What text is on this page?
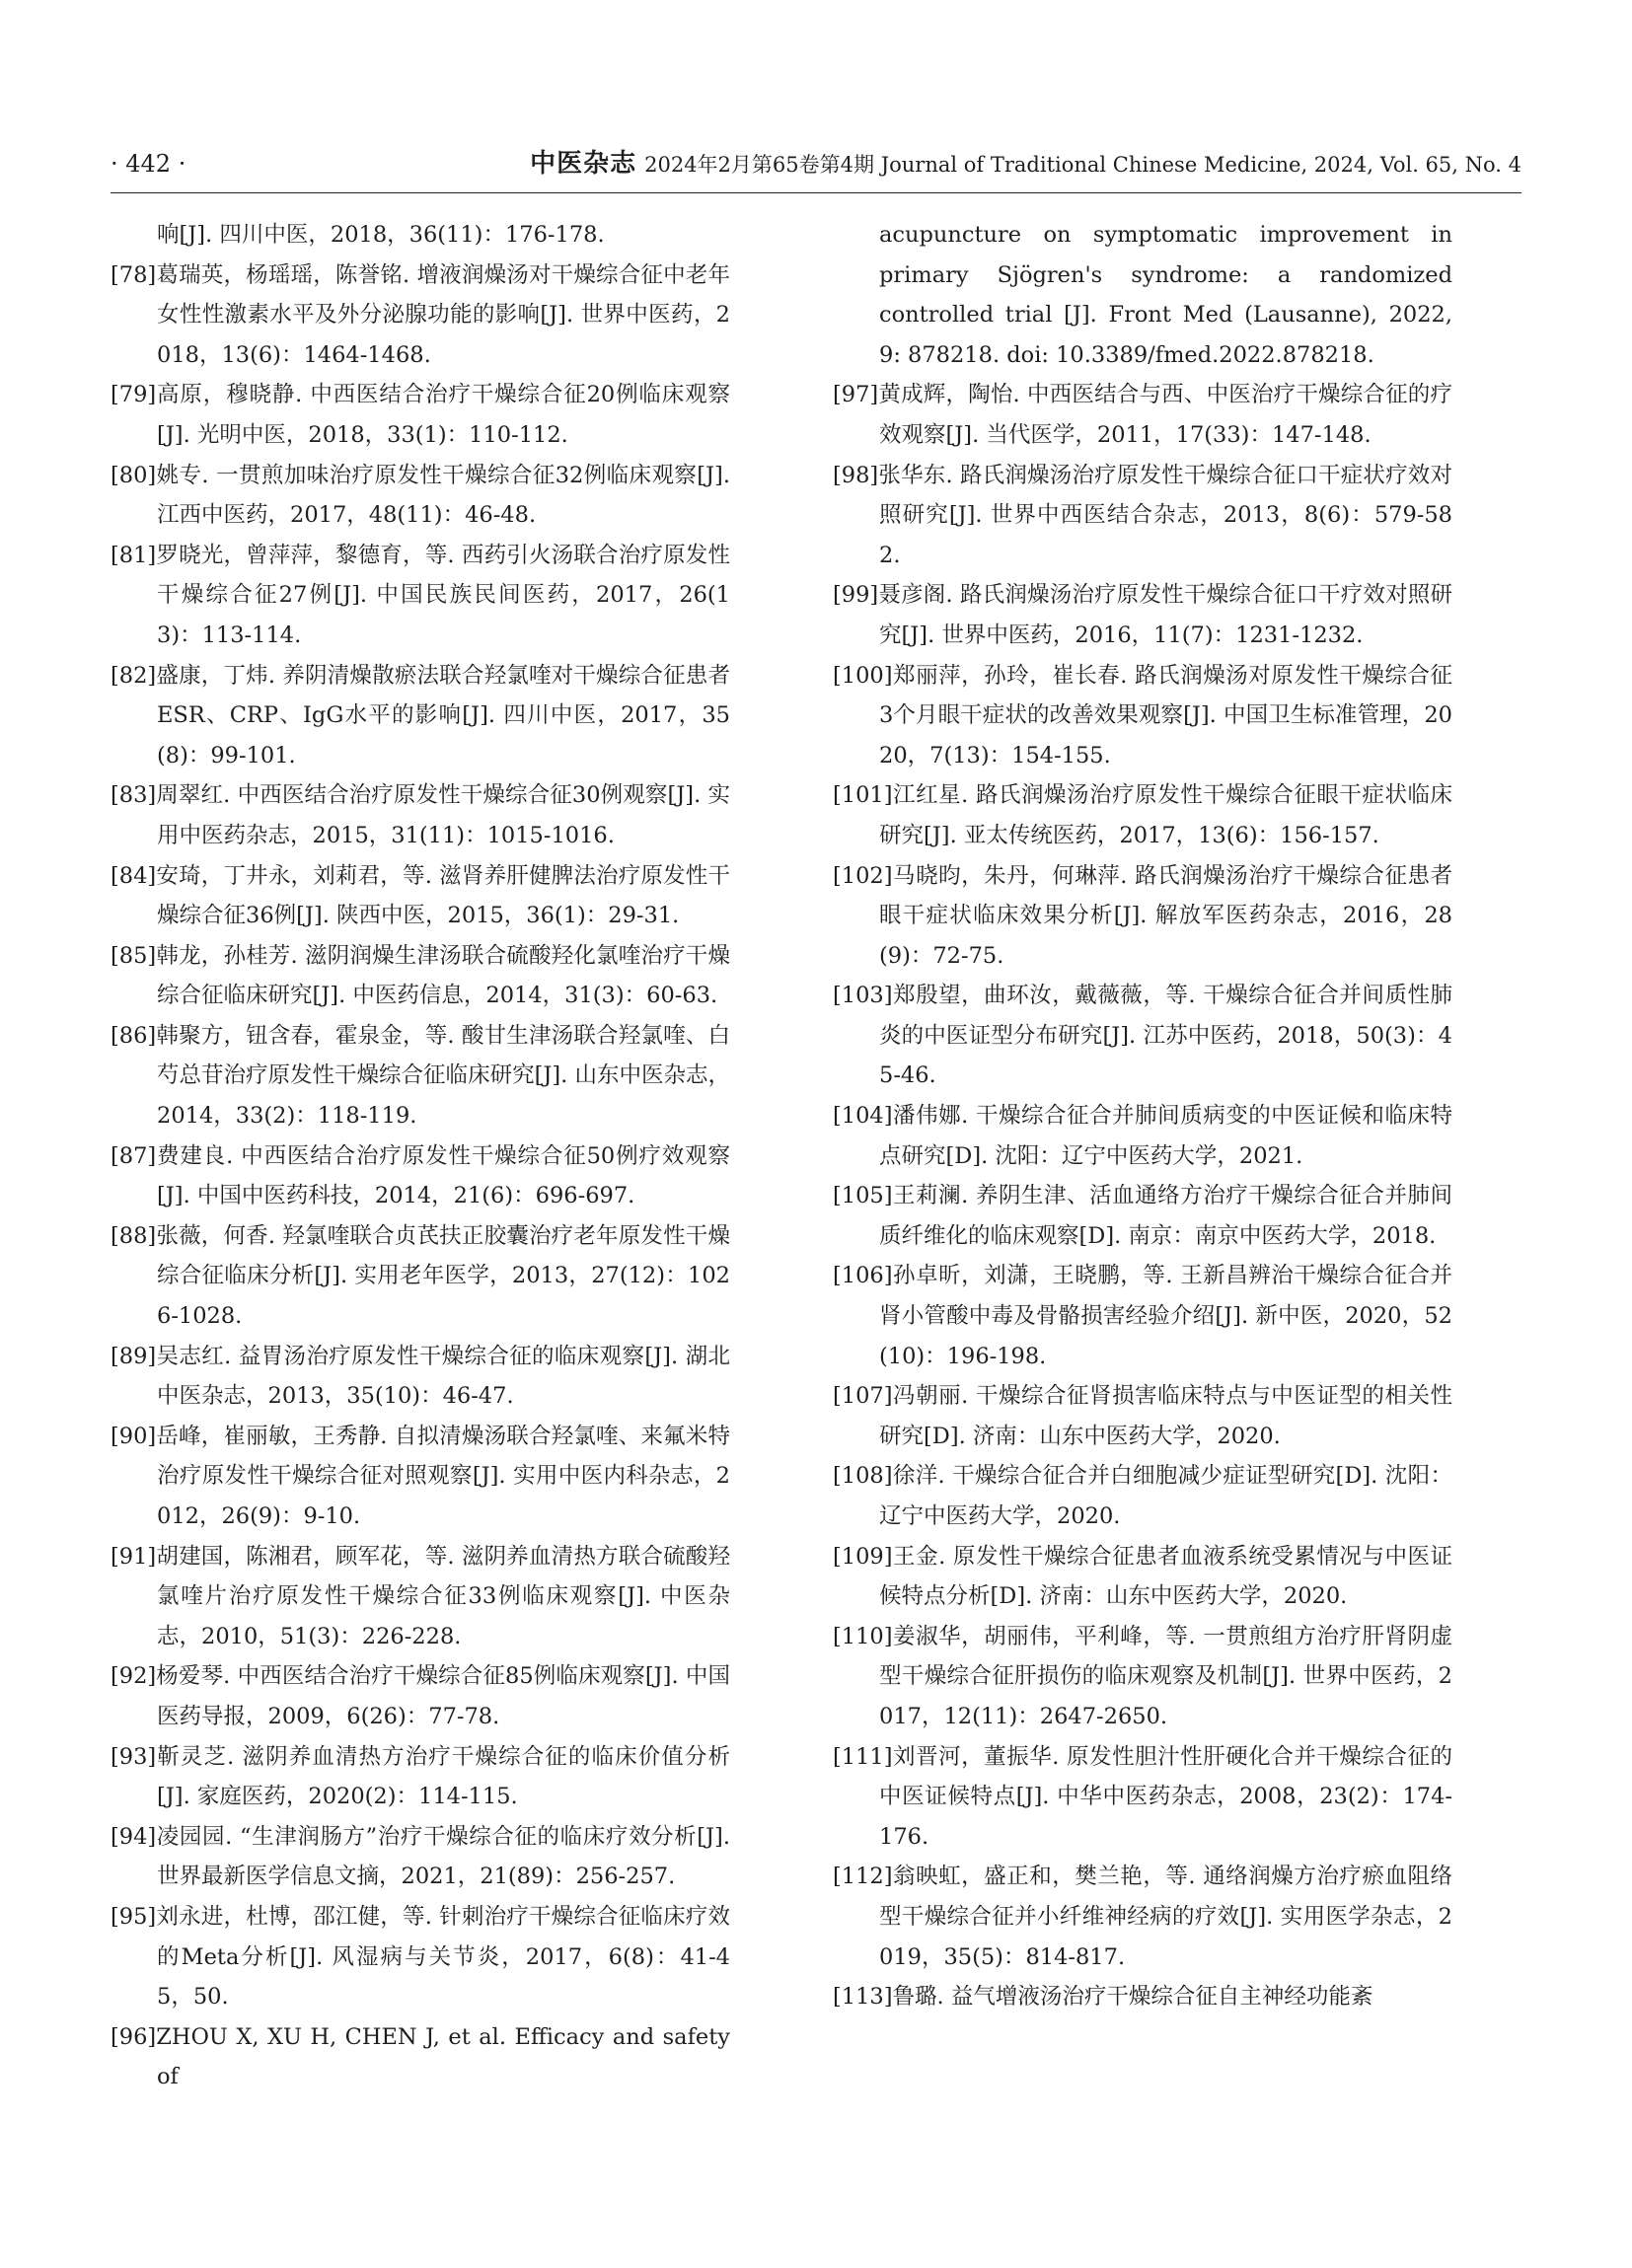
· 442 ·	中医杂志 2024年2月第65卷第4期 Journal of Traditional Chinese Medicine, 2024, Vol. 65, No. 4

响[J]. 四川中医，2018，36(11)：176-178.

[78]葛瑞英，杨瑶瑶，陈誉铭. 增液润燥汤对干燥综合征中老年女性性激素水平及外分泌腺功能的影响[J]. 世界中医药，2018，13(6)：1464-1468.

[79]高原，穆晓静. 中西医结合治疗干燥综合征20例临床观察[J]. 光明中医，2018，33(1)：110-112.

[80]姚专. 一贯煎加味治疗原发性干燥综合征32例临床观察[J]. 江西中医药，2017，48(11)：46-48.

[81]罗晓光，曾萍萍，黎德育，等. 西药引火汤联合治疗原发性干燥综合征27例[J]. 中国民族民间医药，2017，26(13)：113-114.

[82]盛康，丁炜. 养阴清燥散瘀法联合羟氯喹对干燥综合征患者ESR、CRP、IgG水平的影响[J]. 四川中医，2017，35(8)：99-101.

[83]周翠红. 中西医结合治疗原发性干燥综合征30例观察[J]. 实用中医药杂志，2015，31(11)：1015-1016.

[84]安琦，丁井永，刘莉君，等. 滋肾养肝健脾法治疗原发性干燥综合征36例[J]. 陕西中医，2015，36(1)：29-31.

[85]韩龙，孙桂芳. 滋阴润燥生津汤联合硫酸羟化氯喹治疗干燥综合征临床研究[J]. 中医药信息，2014，31(3)：60-63.

[86]韩聚方，钮含春，霍泉金，等. 酸甘生津汤联合羟氯喹、白芍总苷治疗原发性干燥综合征临床研究[J]. 山东中医杂志，2014，33(2)：118-119.

[87]费建良. 中西医结合治疗原发性干燥综合征50例疗效观察[J]. 中国中医药科技，2014，21(6)：696-697.

[88]张薇，何香. 羟氯喹联合贞芪扶正胶囊治疗老年原发性干燥综合征临床分析[J]. 实用老年医学，2013，27(12)：1026-1028.

[89]吴志红. 益胃汤治疗原发性干燥综合征的临床观察[J]. 湖北中医杂志，2013，35(10)：46-47.

[90]岳峰，崔丽敏，王秀静. 自拟清燥汤联合羟氯喹、来氟米特治疗原发性干燥综合征对照观察[J]. 实用中医内科杂志，2012，26(9)：9-10.

[91]胡建国，陈湘君，顾军花，等. 滋阴养血清热方联合硫酸羟氯喹片治疗原发性干燥综合征33例临床观察[J]. 中医杂志，2010，51(3)：226-228.

[92]杨爱琴. 中西医结合治疗干燥综合征85例临床观察[J]. 中国医药导报，2009，6(26)：77-78.

[93]靳灵芝. 滋阴养血清热方治疗干燥综合征的临床价值分析[J]. 家庭医药，2020(2)：114-115.

[94]凌园园. “生津润肠方”治疗干燥综合征的临床疗效分析[J]. 世界最新医学信息文摘，2021，21(89)：256-257.

[95]刘永进，杜博，邵江健，等. 针刺治疗干燥综合征临床疗效的Meta分析[J]. 风湿病与关节炎，2017，6(8)：41-45，50.

[96]ZHOU X, XU H, CHEN J, et al. Efficacy and safety of

acupuncture on symptomatic improvement in primary Sjögren's syndrome: a randomized controlled trial [J]. Front Med (Lausanne), 2022, 9: 878218. doi: 10.3389/fmed.2022.878218.

[97]黄成辉，陶怡. 中西医结合与西、中医治疗干燥综合征的疗效观察[J]. 当代医学，2011，17(33)：147-148.

[98]张华东. 路氏润燥汤治疗原发性干燥综合征口干症状疗效对照研究[J]. 世界中西医结合杂志，2013，8(6)：579-582.

[99]聂彦阁. 路氏润燥汤治疗原发性干燥综合征口干疗效对照研究[J]. 世界中医药，2016，11(7)：1231-1232.

[100]郑丽萍，孙玲，崔长春. 路氏润燥汤对原发性干燥综合征3个月眼干症状的改善效果观察[J]. 中国卫生标准管理，2020，7(13)：154-155.

[101]江红星. 路氏润燥汤治疗原发性干燥综合征眼干症状临床研究[J]. 亚太传统医药，2017，13(6)：156-157.

[102]马晓昀，朱丹，何琳萍. 路氏润燥汤治疗干燥综合征患者眼干症状临床效果分析[J]. 解放军医药杂志，2016，28(9)：72-75.

[103]郑殷望，曲环汝，戴薇薇，等. 干燥综合征合并间质性肺炎的中医证型分布研究[J]. 江苏中医药，2018，50(3)：45-46.

[104]潘伟娜. 干燥综合征合并肺间质病变的中医证候和临床特点研究[D]. 沈阳：辽宁中医药大学，2021.

[105]王莉澜. 养阴生津、活血通络方治疗干燥综合征合并肺间质纤维化的临床观察[D]. 南京：南京中医药大学，2018.

[106]孙卓昕，刘潇，王晓鹏，等. 王新昌辨治干燥综合征合并肾小管酸中毒及骨骼损害经验介绍[J]. 新中医，2020，52(10)：196-198.

[107]冯朝丽. 干燥综合征肾损害临床特点与中医证型的相关性研究[D]. 济南：山东中医药大学，2020.

[108]徐洋. 干燥综合征合并白细胞减少症证型研究[D]. 沈阳：辽宁中医药大学，2020.

[109]王金. 原发性干燥综合征患者血液系统受累情况与中医证候特点分析[D]. 济南：山东中医药大学，2020.

[110]姜淑华，胡丽伟，平利峰，等. 一贯煎组方治疗肝肾阴虚型干燥综合征肝损伤的临床观察及机制[J]. 世界中医药，2017，12(11)：2647-2650.

[111]刘晋河，董振华. 原发性胆汁性肝硬化合并干燥综合征的中医证候特点[J]. 中华中医药杂志，2008，23(2)：174-176.

[112]翁映虹，盛正和，樊兰艳，等. 通络润燥方治疗瘀血阻络型干燥综合征并小纤维神经病的疗效[J]. 实用医学杂志，2019，35(5)：814-817.

[113]鲁璐. 益气增液汤治疗干燥综合征自主神经功能紊
